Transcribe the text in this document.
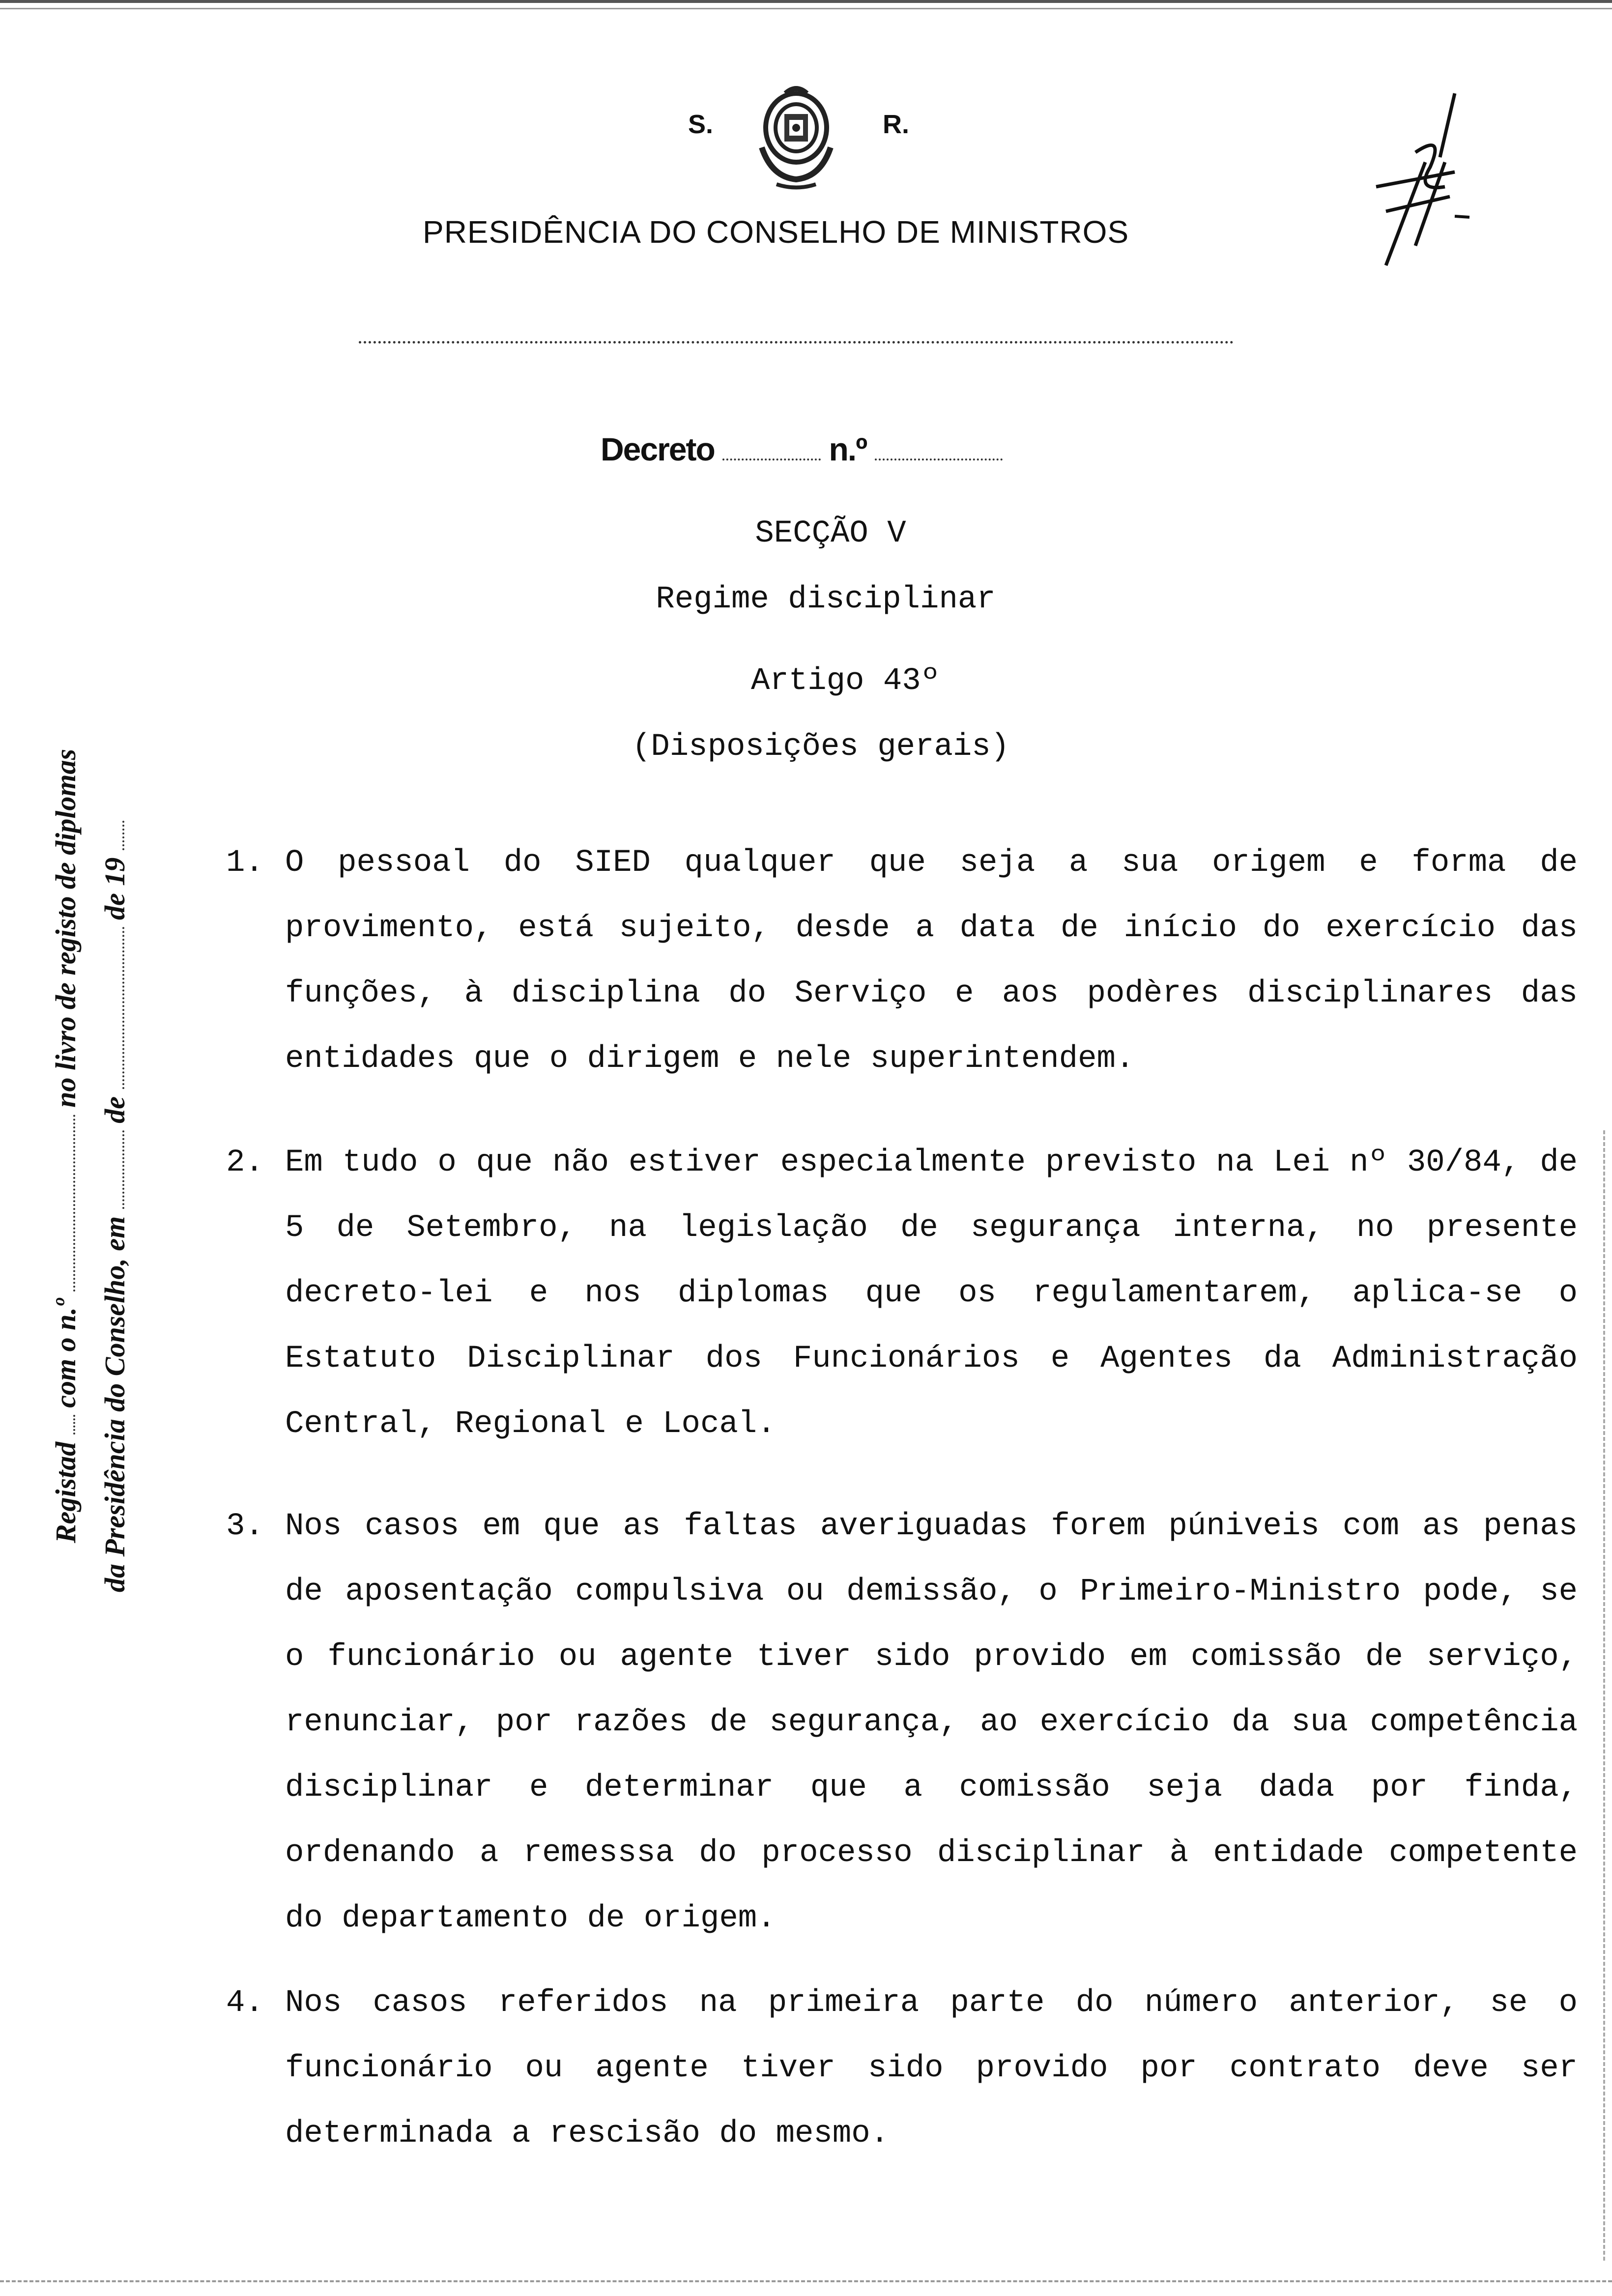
S.	R.
PRESIDÊNCIA DO CONSELHO DE MINISTROS
Decreto	n.º
SECÇÃO V
Regime disciplinar
Artigo 43º
(Disposições gerais)
1. O pessoal do SIED qualquer que seja a sua origem e forma de provimento, está sujeito, desde a data de início do exercício das funções, à disciplina do Serviço e aos podères disciplinares das entidades que o dirigem e nele superintendem.
2. Em tudo o que não estiver especialmente previsto na Lei nº 30/84, de 5 de Setembro, na legislação de segurança interna, no presente decreto-lei e nos diplomas que os regulamentarem, aplica-se o Estatuto Disciplinar dos Funcionários e Agentes da Administração Central, Regional e Local.
3. Nos casos em que as faltas averiguadas forem púniveis com as penas de aposentação compulsiva ou demissão, o Primeiro-Ministro pode, se o funcionário ou agente tiver sido provido em comissão de serviço, renunciar, por razões de segurança, ao exercício da sua competência disciplinar e determinar que a comissão seja dada por finda, ordenando a remesssa do processo disciplinar à entidade competente do departamento de origem.
4. Nos casos referidos na primeira parte do número anterior, se o funcionário ou agente tiver sido provido por contrato deve ser determinada a rescisão do mesmo.
Registad  com o n.º  no livro de registo de diplomas
da Presidência do Conselho, em  de  de 19
